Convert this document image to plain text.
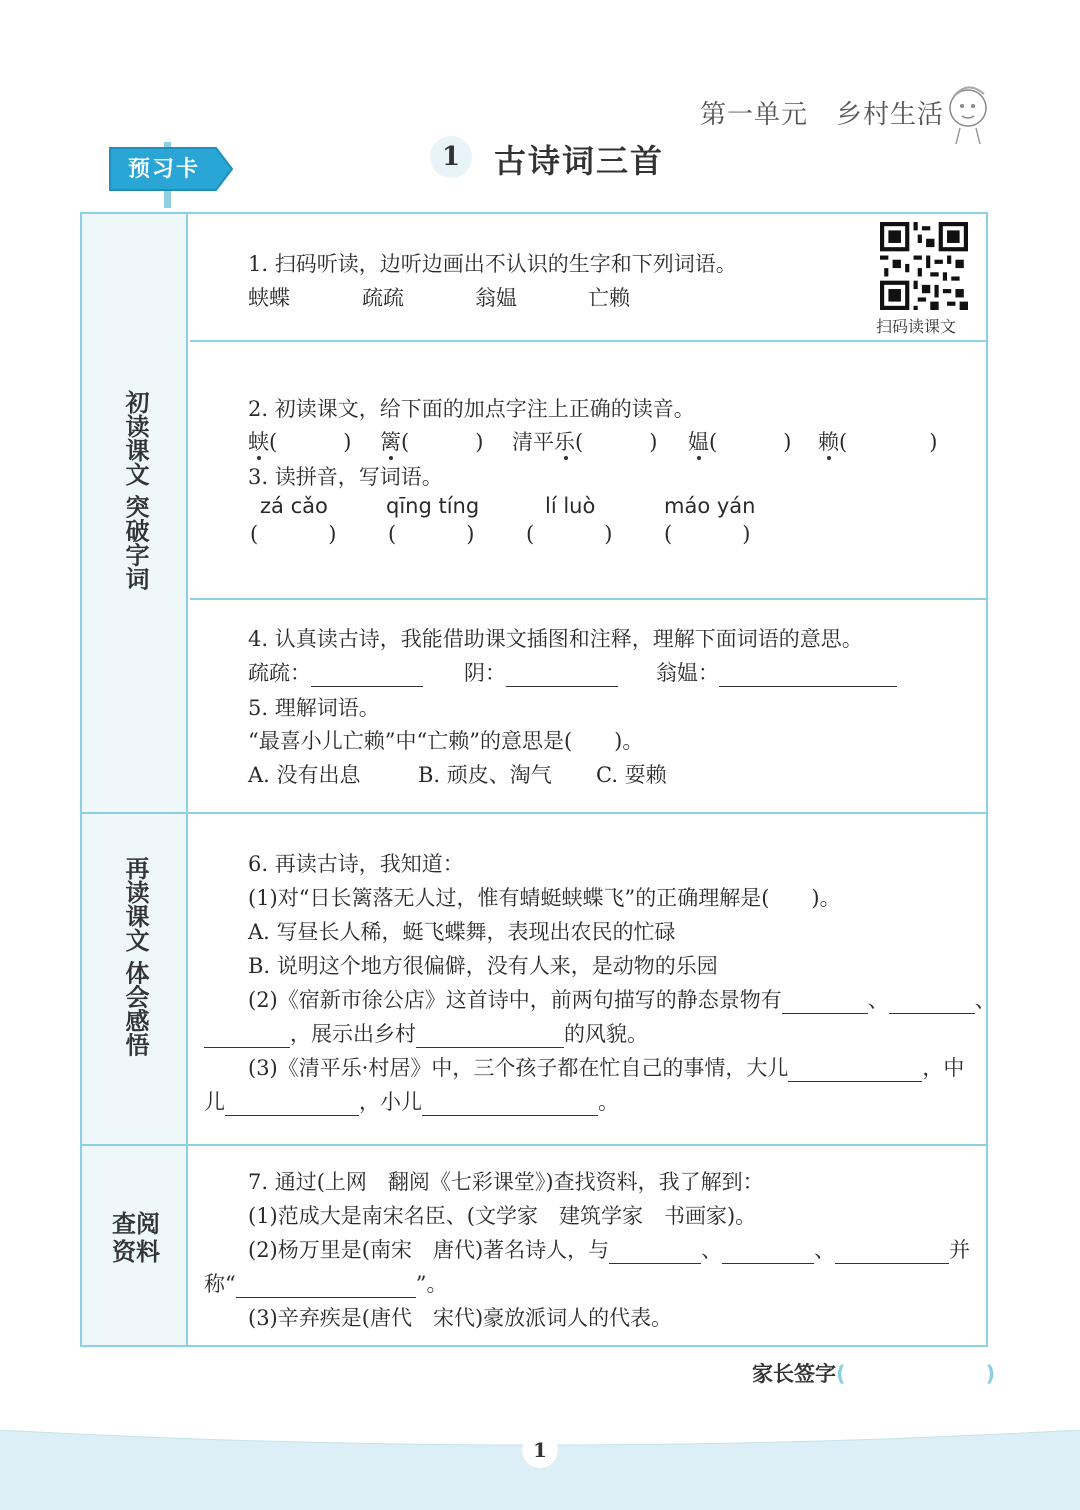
第一单元 乡村生活
1	古诗词三首
预习卡
初读课文 突破字词
再读课文 体会感悟
查阅资料
扫码读课文
1. 扫码听读，边听边画出不认识的生字和下列词语。
蛱蝶	疏疏	翁媪	亡赖
2. 初读课文，给下面的加点字注上正确的读音。
蛱(	) 篱(	) 清平乐(	) 媪(	) 赖(	)
3. 读拼音，写词语。
zá cǎo	qīng tíng	lí luò	máo yán
(	) (	) (	) (	)
4. 认真读古诗，我能借助课文插图和注释，理解下面词语的意思。
疏疏：	阴：	翁媪：
5. 理解词语。
“最喜小儿亡赖”中“亡赖”的意思是(　　)。
A. 没有出息	B. 顽皮、淘气 C. 耍赖
6. 再读古诗，我知道：
(1)对“日长篱落无人过，惟有蜻蜓蛱蝶飞”的正确理解是(　　)。
A. 写昼长人稀，蜓飞蝶舞，表现出农民的忙碌
B. 说明这个地方很偏僻，没有人来，是动物的乐园
(2)《宿新市徐公店》这首诗中，前两句描写的静态景物有	、	、
，展示出乡村	的风貌。
(3)《清平乐·村居》中，三个孩子都在忙自己的事情，大儿	，中
儿	，小儿	。
7. 通过(上网　翻阅《七彩课堂》)查找资料，我了解到：
(1)范成大是南宋名臣、(文学家　建筑学家　书画家)。
(2)杨万里是(南宋　唐代)著名诗人，与	、	、	并
称“	”。
(3)辛弃疾是(唐代　宋代)豪放派词人的代表。
家长签字(	)
1
